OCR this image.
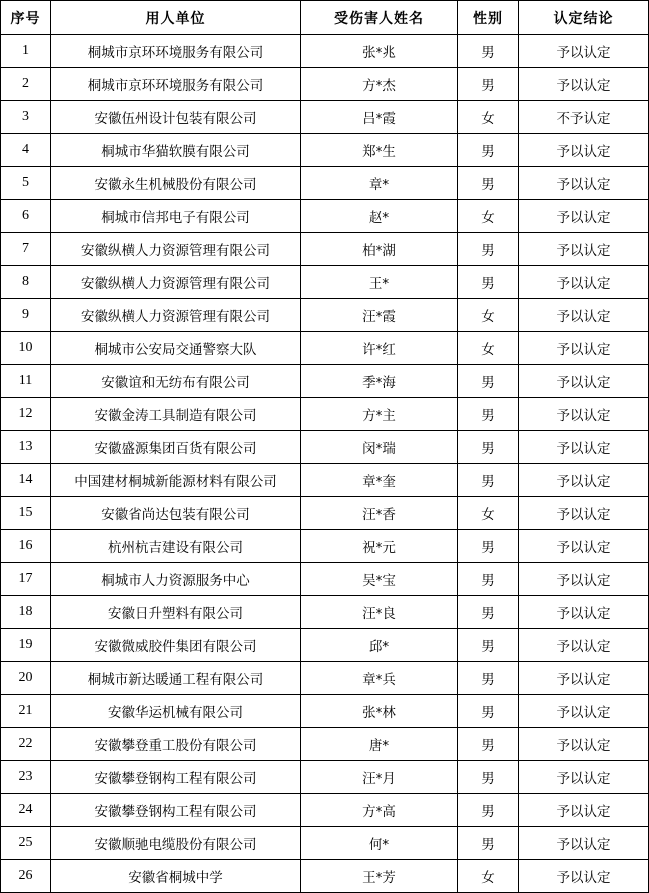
序号	用人单位	受伤害人姓名	性别	认定结论
1	桐城市京环环境服务有限公司	张*兆	男	予以认定
2	桐城市京环环境服务有限公司	方*杰	男	予以认定
3	安徽伍州设计包装有限公司	吕*霞	女	不予认定
4	桐城市华猫软膜有限公司	郑*生	男	予以认定
5	安徽永生机械股份有限公司	章*	男	予以认定
6	桐城市信邦电子有限公司	赵*	女	予以认定
7	安徽纵横人力资源管理有限公司	柏*湖	男	予以认定
8	安徽纵横人力资源管理有限公司	王*	男	予以认定
9	安徽纵横人力资源管理有限公司	汪*霞	女	予以认定
10	桐城市公安局交通警察大队	许*红	女	予以认定
11	安徽谊和无纺布有限公司	季*海	男	予以认定
12	安徽金涛工具制造有限公司	方*主	男	予以认定
13	安徽盛源集团百货有限公司	闵*瑞	男	予以认定
14	中国建材桐城新能源材料有限公司	章*奎	男	予以认定
15	安徽省尚达包装有限公司	汪*香	女	予以认定
16	杭州杭吉建设有限公司	祝*元	男	予以认定
17	桐城市人力资源服务中心	吴*宝	男	予以认定
18	安徽日升塑料有限公司	汪*良	男	予以认定
19	安徽微威胶件集团有限公司	邱*	男	予以认定
20	桐城市新达暖通工程有限公司	章*兵	男	予以认定
21	安徽华运机械有限公司	张*林	男	予以认定
22	安徽攀登重工股份有限公司	唐*	男	予以认定
23	安徽攀登钢构工程有限公司	汪*月	男	予以认定
24	安徽攀登钢构工程有限公司	方*高	男	予以认定
25	安徽顺驰电缆股份有限公司	何*	男	予以认定
26	安徽省桐城中学	王*芳	女	予以认定
